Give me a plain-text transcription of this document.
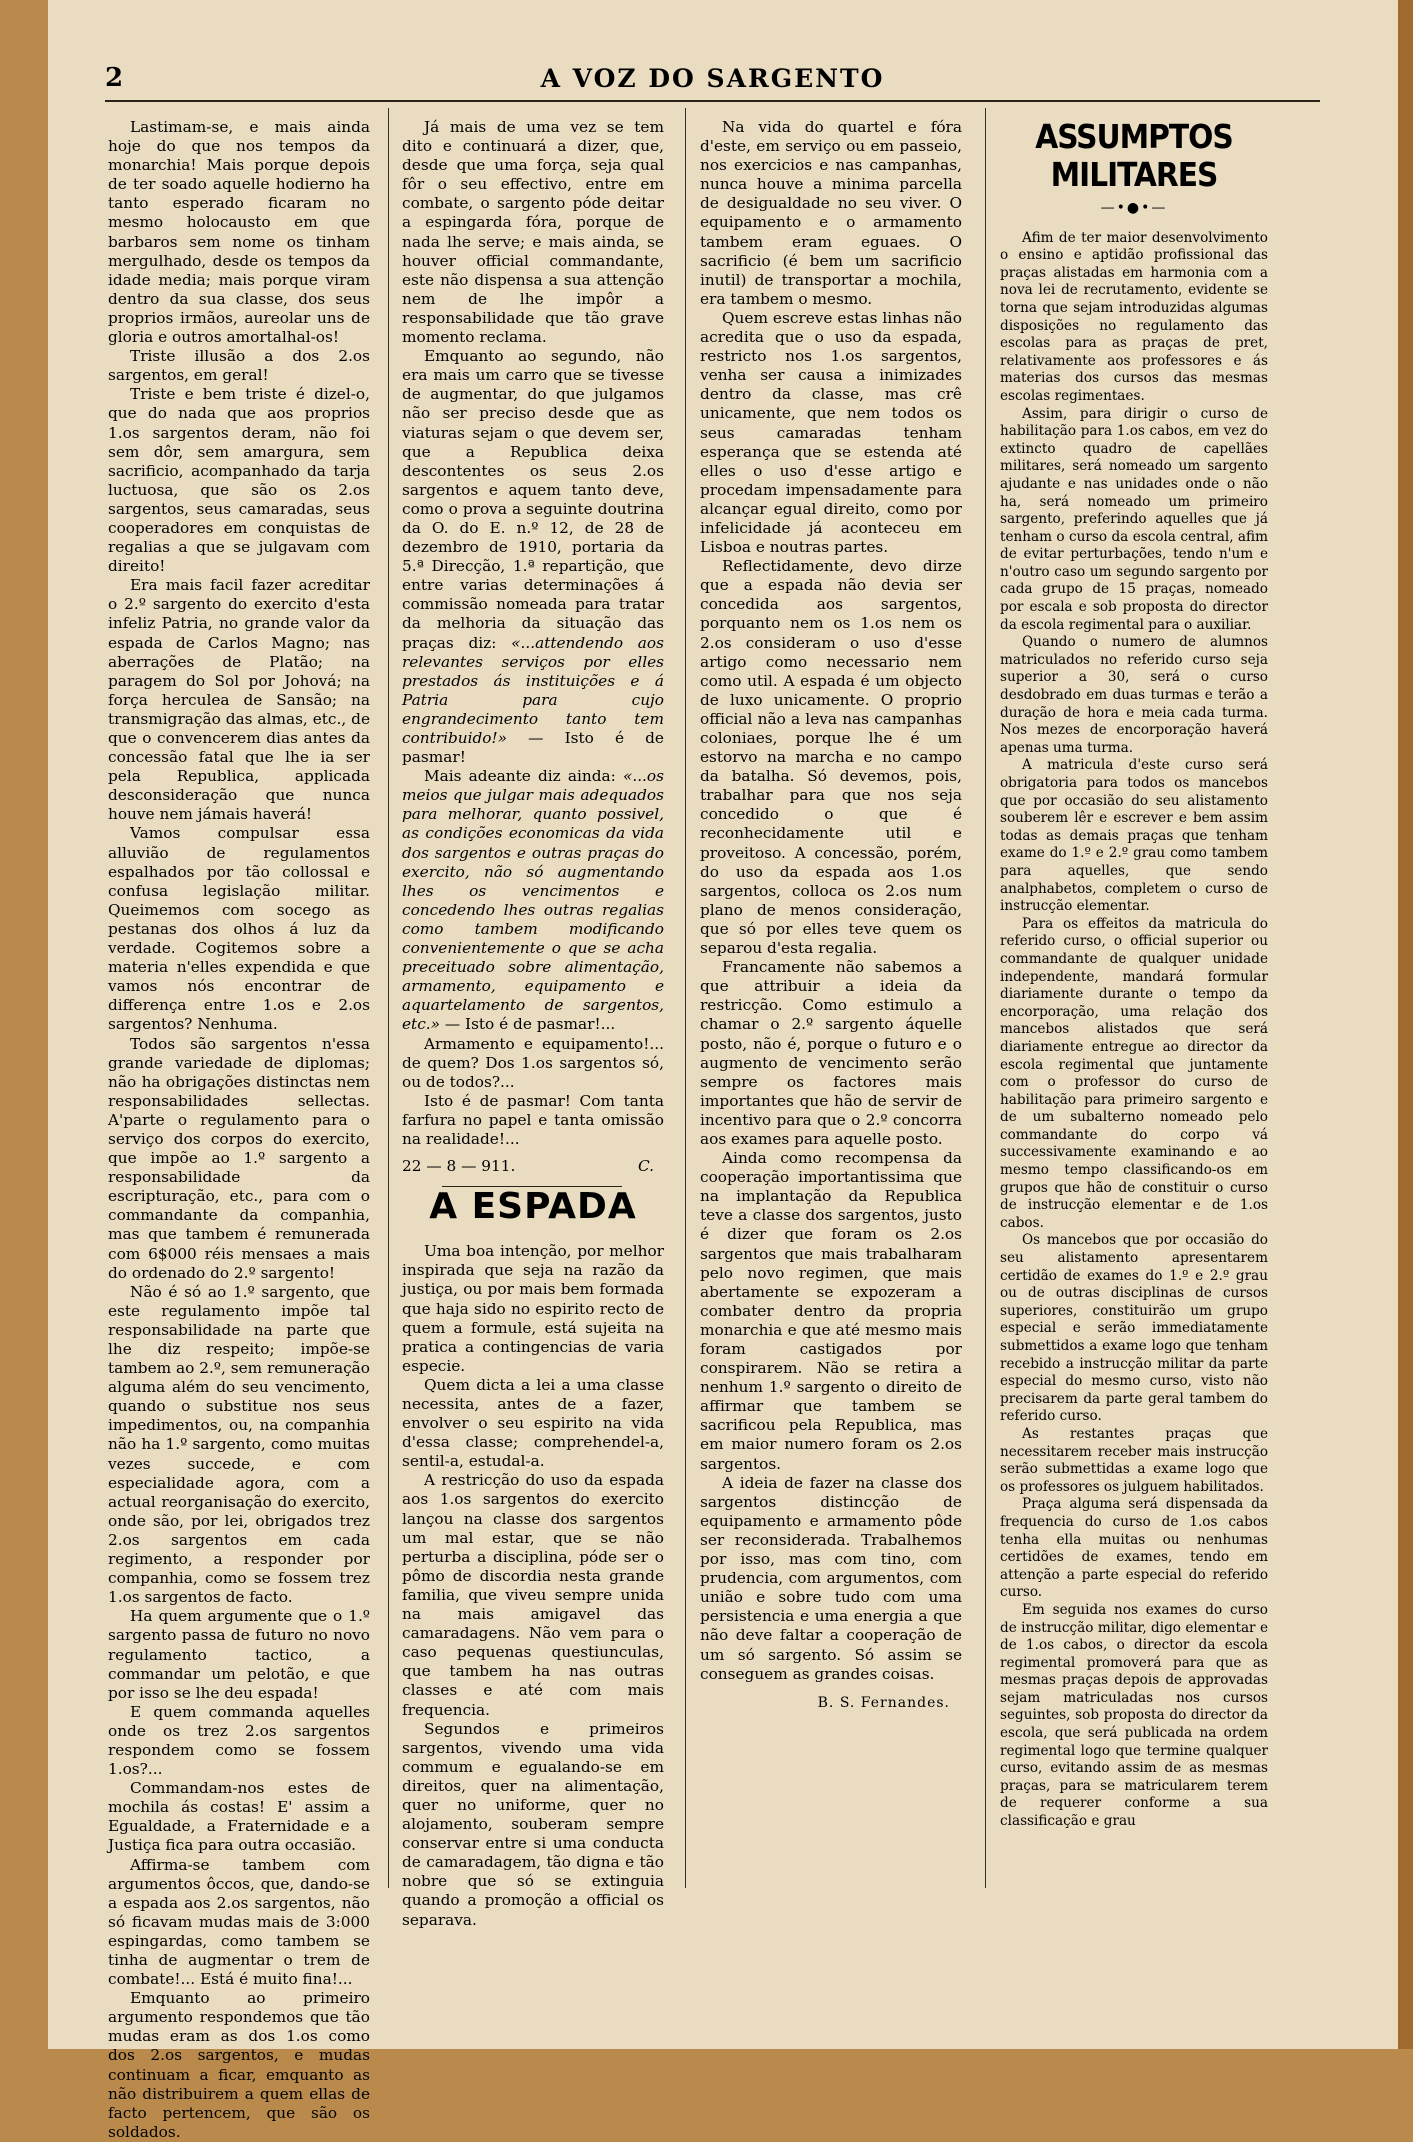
2	A VOZ DO SARGENTO

Lastimam-se, e mais ainda hoje do que nos tempos da monarchia! Mais porque depois de ter soado aquelle hodierno ha tanto esperado ficaram no mesmo holocausto em que barbaros sem nome os tinham mergulhado, desde os tempos da idade media; mais porque viram dentro da sua classe, dos seus proprios irmãos, aureolar uns de gloria e outros amortalhal-os!

Triste illusão a dos 2.os sargentos, em geral!

Triste e bem triste é dizel-o, que do nada que aos proprios 1.os sargentos deram, não foi sem dôr, sem amargura, sem sacrificio, acompanhado da tarja luctuosa, que são os 2.os sargentos, seus camaradas, seus cooperadores em conquistas de regalias a que se julgavam com direito!

Era mais facil fazer acreditar o 2.º sargento do exercito d'esta infeliz Patria, no grande valor da espada de Carlos Magno; nas aberrações de Platão; na paragem do Sol por Johová; na força herculea de Sansão; na transmigração das almas, etc., de que o convencerem dias antes da concessão fatal que lhe ia ser pela Republica, applicada desconsideração que nunca houve nem jámais haverá!

Vamos compulsar essa alluvião de regulamentos espalhados por tão collossal e confusa legislação militar. Queimemos com socego as pestanas dos olhos á luz da verdade. Cogitemos sobre a materia n'elles expendida e que vamos nós encontrar de differença entre 1.os e 2.os sargentos? Nenhuma.

Todos são sargentos n'essa grande variedade de diplomas; não ha obrigações distinctas nem responsabilidades sellectas. A'parte o regulamento para o serviço dos corpos do exercito, que impõe ao 1.º sargento a responsabilidade da escripturação, etc., para com o commandante da companhia, mas que tambem é remunerada com 6$000 réis mensaes a mais do ordenado do 2.º sargento!

Não é só ao 1.º sargento, que este regulamento impõe tal responsabilidade na parte que lhe diz respeito; impõe-se tambem ao 2.º, sem remuneração alguma além do seu vencimento, quando o substitue nos seus impedimentos, ou, na companhia não ha 1.º sargento, como muitas vezes succede, e com especialidade agora, com a actual reorganisação do exercito, onde são, por lei, obrigados trez 2.os sargentos em cada regimento, a responder por companhia, como se fossem trez 1.os sargentos de facto.

Ha quem argumente que o 1.º sargento passa de futuro no novo regulamento tactico, a commandar um pelotão, e que por isso se lhe deu espada!

E quem commanda aquelles onde os trez 2.os sargentos respondem como se fossem 1.os?...

Commandam-nos estes de mochila ás costas! E' assim a Egualdade, a Fraternidade e a Justiça fica para outra occasião.

Affirma-se tambem com argumentos ôccos, que, dando-se a espada aos 2.os sargentos, não só ficavam mudas mais de 3:000 espingardas, como tambem se tinha de augmentar o trem de combate!... Está é muito fina!...

Emquanto ao primeiro argumento respondemos que tão mudas eram as dos 1.os como dos 2.os sargentos, e mudas continuam a ficar, emquanto as não distribuirem a quem ellas de facto pertencem, que são os soldados.

Já mais de uma vez se tem dito e continuará a dizer, que, desde que uma força, seja qual fôr o seu effectivo, entre em combate, o sargento póde deitar a espingarda fóra, porque de nada lhe serve; e mais ainda, se houver official commandante, este não dispensa a sua attenção nem de lhe impôr a responsabilidade que tão grave momento reclama.

Emquanto ao segundo, não era mais um carro que se tivesse de augmentar, do que julgamos não ser preciso desde que as viaturas sejam o que devem ser, que a Republica deixa descontentes os seus 2.os sargentos e aquem tanto deve, como o prova a seguinte doutrina da O. do E. n.º 12, de 28 de dezembro de 1910, portaria da 5.ª Direcção, 1.ª repartição, que entre varias determinações á commissão nomeada para tratar da melhoria da situação das praças diz: «...attendendo aos relevantes serviços por elles prestados ás instituições e á Patria para cujo engrandecimento tanto tem contribuido!» — Isto é de pasmar!

Mais adeante diz ainda: «...os meios que julgar mais adequados para melhorar, quanto possivel, as condições economicas da vida dos sargentos e outras praças do exercito, não só augmentando lhes os vencimentos e concedendo lhes outras regalias como tambem modificando convenientemente o que se acha preceituado sobre alimentação, armamento, equipamento e aquartelamento de sargentos, etc.» — Isto é de pasmar!...

Armamento e equipamento!... de quem? Dos 1.os sargentos só, ou de todos?...

Isto é de pasmar! Com tanta farfura no papel e tanta omissão na realidade!...

22 — 8 — 911.	C.
A ESPADA

Uma boa intenção, por melhor inspirada que seja na razão da justiça, ou por mais bem formada que haja sido no espirito recto de quem a formule, está sujeita na pratica a contingencias de varia especie.

Quem dicta a lei a uma classe necessita, antes de a fazer, envolver o seu espirito na vida d'essa classe; comprehendel-a, sentil-a, estudal-a.

A restricção do uso da espada aos 1.os sargentos do exercito lançou na classe dos sargentos um mal estar, que se não perturba a disciplina, póde ser o pômo de discordia nesta grande familia, que viveu sempre unida na mais amigavel das camaradagens. Não vem para o caso pequenas questiunculas, que tambem ha nas outras classes e até com mais frequencia.

Segundos e primeiros sargentos, vivendo uma vida commum e egualando-se em direitos, quer na alimentação, quer no uniforme, quer no alojamento, souberam sempre conservar entre si uma conducta de camaradagem, tão digna e tão nobre que só se extinguia quando a promoção a official os separava.

Na vida do quartel e fóra d'este, em serviço ou em passeio, nos exercicios e nas campanhas, nunca houve a minima parcella de desigualdade no seu viver. O equipamento e o armamento tambem eram eguaes. O sacrificio (é bem um sacrificio inutil) de transportar a mochila, era tambem o mesmo.

Quem escreve estas linhas não acredita que o uso da espada, restricto nos 1.os sargentos, venha ser causa a inimizades dentro da classe, mas crê unicamente, que nem todos os seus camaradas tenham esperança que se estenda até elles o uso d'esse artigo e procedam impensadamente para alcançar egual direito, como por infelicidade já aconteceu em Lisboa e noutras partes.

Reflectidamente, devo dirze que a espada não devia ser concedida aos sargentos, porquanto nem os 1.os nem os 2.os consideram o uso d'esse artigo como necessario nem como util. A espada é um objecto de luxo unicamente. O proprio official não a leva nas campanhas coloniaes, porque lhe é um estorvo na marcha e no campo da batalha. Só devemos, pois, trabalhar para que nos seja concedido o que é reconhecidamente util e proveitoso. A concessão, porém, do uso da espada aos 1.os sargentos, colloca os 2.os num plano de menos consideração, que só por elles teve quem os separou d'esta regalia.

Francamente não sabemos a que attribuir a ideia da restricção. Como estimulo a chamar o 2.º sargento áquelle posto, não é, porque o futuro e o augmento de vencimento serão sempre os factores mais importantes que hão de servir de incentivo para que o 2.º concorra aos exames para aquelle posto.

Ainda como recompensa da cooperação importantissima que na implantação da Republica teve a classe dos sargentos, justo é dizer que foram os 2.os sargentos que mais trabalharam pelo novo regimen, que mais abertamente se expozeram a combater dentro da propria monarchia e que até mesmo mais foram castigados por conspirarem. Não se retira a nenhum 1.º sargento o direito de affirmar que tambem se sacrificou pela Republica, mas em maior numero foram os 2.os sargentos.

A ideia de fazer na classe dos sargentos distincção de equipamento e armamento pôde ser reconsiderada. Trabalhemos por isso, mas com tino, com prudencia, com argumentos, com união e sobre tudo com uma persistencia e uma energia a que não deve faltar a cooperação de um só sargento. Só assim se conseguem as grandes coisas.

B. S. Fernandes.
ASSUMPTOS MILITARES
—•●•—

Afim de ter maior desenvolvimento o ensino e aptidão profissional das praças alistadas em harmonia com a nova lei de recrutamento, evidente se torna que sejam introduzidas algumas disposições no regulamento das escolas para as praças de pret, relativamente aos professores e ás materias dos cursos das mesmas escolas regimentaes.

Assim, para dirigir o curso de habilitação para 1.os cabos, em vez do extincto quadro de capellães militares, será nomeado um sargento ajudante e nas unidades onde o não ha, será nomeado um primeiro sargento, preferindo aquelles que já tenham o curso da escola central, afim de evitar perturbações, tendo n'um e n'outro caso um segundo sargento por cada grupo de 15 praças, nomeado por escala e sob proposta do director da escola regimental para o auxiliar.

Quando o numero de alumnos matriculados no referido curso seja superior a 30, será o curso desdobrado em duas turmas e terão a duração de hora e meia cada turma. Nos mezes de encorporação haverá apenas uma turma.

A matricula d'este curso será obrigatoria para todos os mancebos que por occasião do seu alistamento souberem lêr e escrever e bem assim todas as demais praças que tenham exame do 1.º e 2.º grau como tambem para aquelles, que sendo analphabetos, completem o curso de instrucção elementar.

Para os effeitos da matricula do referido curso, o official superior ou commandante de qualquer unidade independente, mandará formular diariamente durante o tempo da encorporação, uma relação dos mancebos alistados que será diariamente entregue ao director da escola regimental que juntamente com o professor do curso de habilitação para primeiro sargento e de um subalterno nomeado pelo commandante do corpo vá successivamente examinando e ao mesmo tempo classificando-os em grupos que hão de constituir o curso de instrucção elementar e de 1.os cabos.

Os mancebos que por occasião do seu alistamento apresentarem certidão de exames do 1.º e 2.º grau ou de outras disciplinas de cursos superiores, constituirão um grupo especial e serão immediatamente submettidos a exame logo que tenham recebido a instrucção militar da parte especial do mesmo curso, visto não precisarem da parte geral tambem do referido curso.

As restantes praças que necessitarem receber mais instrucção serão submettidas a exame logo que os professores os julguem habilitados.

Praça alguma será dispensada da frequencia do curso de 1.os cabos tenha ella muitas ou nenhumas certidões de exames, tendo em attenção a parte especial do referido curso.

Em seguida nos exames do curso de instrucção militar, digo elementar e de 1.os cabos, o director da escola regimental promoverá para que as mesmas praças depois de approvadas sejam matriculadas nos cursos seguintes, sob proposta do director da escola, que será publicada na ordem regimental logo que termine qualquer curso, evitando assim de as mesmas praças, para se matricularem terem de requerer conforme a sua classificação e grau
